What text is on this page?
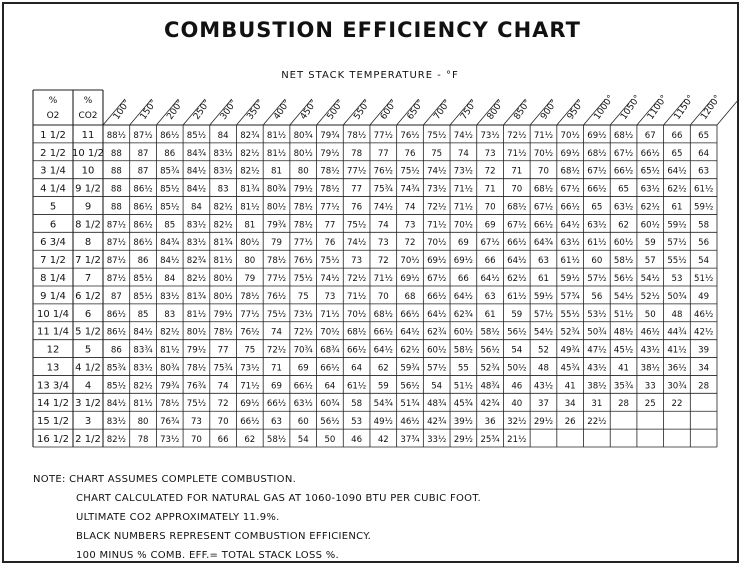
COMBUSTION EFFICIENCY CHART
NET STACK TEMPERATURE - °F
%
O2
%
CO2 100° 150° 200° 250° 300° 350° 400° 450° 500° 550° 600° 650° 700° 750° 800° 850° 900° 950° 1000° 1050° 1100° 1150° 1200°
1 1/2 11 88½ 87½ 86½ 85½ 84 82¾ 81½ 80¾ 79¾ 78½ 77½ 76½ 75½ 74½ 73½ 72½ 71½ 70½ 69½ 68½ 67 66 65
2 1/2 10 1/2 88 87 86 84¾ 83½ 82½ 81½ 80½ 79½ 78 77 76 75 74 73 71½ 70½ 69½ 68½ 67½ 66½ 65 64
3 1/4 10 88 87 85¾ 84½ 83½ 82½ 81 80 78½ 77½ 76½ 75½ 74½ 73½ 72 71 70 68½ 67½ 66½ 65½ 64½ 63
4 1/4 9 1/2 88 86½ 85½ 84½ 83 81¾ 80¾ 79½ 78½ 77 75¾ 74¾ 73½ 71½ 71 70 68½ 67½ 66½ 65 63½ 62½ 61½
5	9 88 86½ 85½ 84 82½ 81½ 80½ 78½ 77½ 76 74½ 74 72½ 71½ 70 68½ 67½ 66½ 65 63½ 62½ 61 59½
6 8 1/2 87½ 86½ 85 83½ 82½ 81 79¾ 78½ 77 75½ 74 73 71½ 70½ 69 67½ 66½ 64½ 63½ 62 60½ 59½ 58
6 3/4 8 87½ 86½ 84¾ 83½ 81¾ 80½ 79 77½ 76 74½ 73 72 70½ 69 67½ 66½ 64¾ 63½ 61½ 60½ 59 57½ 56
7 1/2 7 1/2 87½ 86 84½ 82¾ 81½ 80 78½ 76½ 75½ 73 72 70½ 69½ 69½ 66 64½ 63 61½ 60 58½ 57 55½ 54
8 1/4 7 87½ 85½ 84 82½ 80½ 79 77½ 75½ 74½ 72½ 71½ 69½ 67½ 66 64½ 62½ 61 59½ 57½ 56½ 54½ 53 51½
9 1/4 6 1/2 87 85½ 83½ 81¾ 80½ 78½ 76½ 75 73 71½ 70 68 66½ 64½ 63 61½ 59½ 57¾ 56 54½ 52½ 50¾ 49
10 1/4 6 86½ 85 83 81½ 79½ 77½ 75½ 73½ 71½ 70½ 68½ 66½ 64½ 62¾ 61 59 57½ 55½ 53½ 51½ 50 48 46½
11 1/4 5 1/2 86½ 84½ 82½ 80½ 78½ 76½ 74 72½ 70½ 68½ 66½ 64½ 62¾ 60½ 58½ 56½ 54½ 52¾ 50¾ 48½ 46½ 44¾ 42½
12	5 86 83¾ 81½ 79½ 77 75 72½ 70¾ 68¾ 66½ 64½ 62½ 60½ 58½ 56½ 54 52 49¾ 47½ 45½ 43½ 41½ 39
13 4 1/2 85¾ 83½ 80¾ 78½ 75¾ 73½ 71 69 66½ 64 62 59¾ 57½ 55 52¾ 50½ 48 45¾ 43½ 41 38½ 36½ 34
13 3/4 4 85½ 82½ 79¾ 76¾ 74 71½ 69 66½ 64 61½ 59 56½ 54 51½ 48¾ 46 43½ 41 38½ 35¾ 33 30¾ 28
14 1/2 3 1/2 84½ 81½ 78½ 75½ 72 69½ 66½ 63½ 60¾ 58 54¾ 51¾ 48¾ 45¾ 42¾ 40 37 34 31 28 25 22
15 1/2 3 83½ 80 76¾ 73 70 66½ 63 60 56½ 53 49½ 46½ 42¾ 39½ 36 32½ 29½ 26 22½
16 1/2 2 1/2 82½ 78 73½ 70 66 62 58½ 54 50 46 42 37¾ 33½ 29½ 25¾ 21½
NOTE: CHART ASSUMES COMPLETE COMBUSTION.
CHART CALCULATED FOR NATURAL GAS AT 1060-1090 BTU PER CUBIC FOOT.
ULTIMATE CO2 APPROXIMATELY 11.9%.
BLACK NUMBERS REPRESENT COMBUSTION EFFICIENCY.
100 MINUS % COMB. EFF.= TOTAL STACK LOSS %.
